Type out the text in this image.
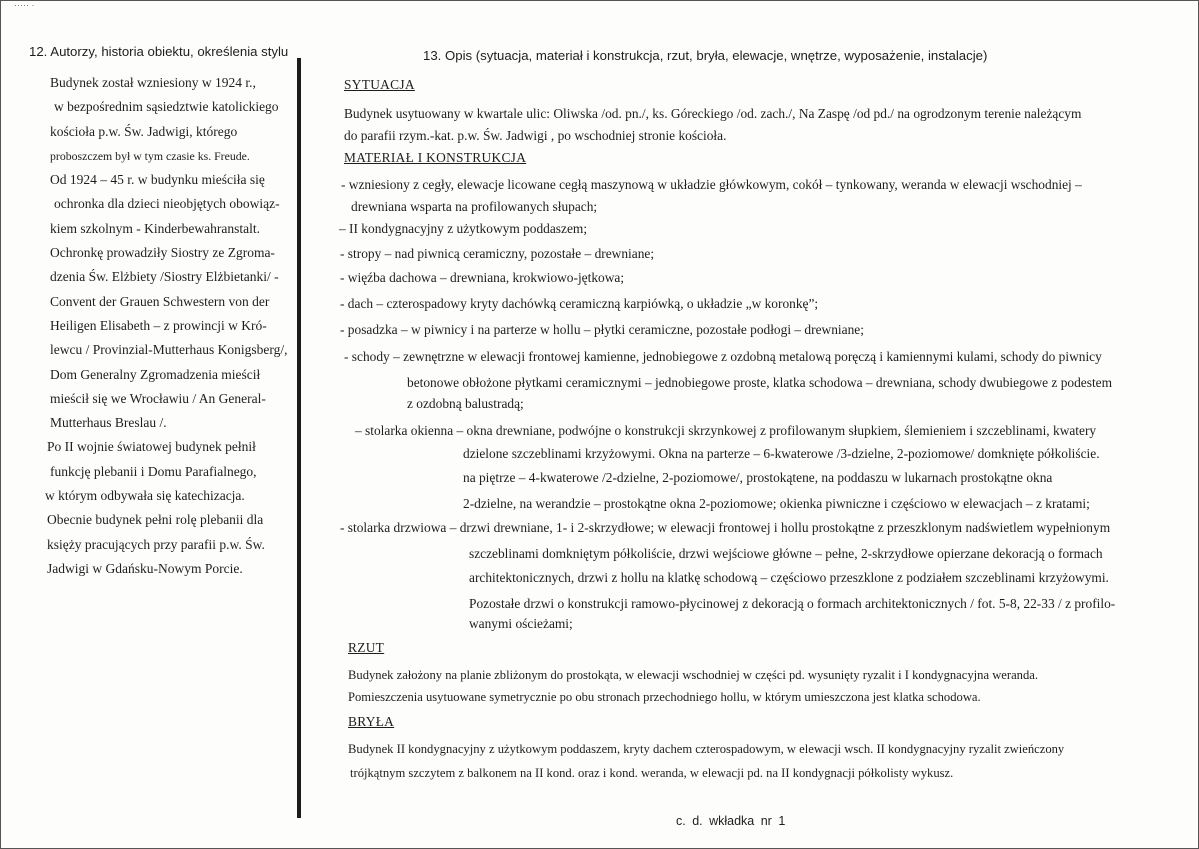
····· ·
12. Autorzy, historia obiektu, określenia stylu	13. Opis (sytuacja, materiał i konstrukcja, rzut, bryła, elewacje, wnętrze, wyposażenie, instalacje)
Budynek został wzniesiony w 1924 r.,
w bezpośrednim sąsiedztwie katolickiego
kościoła p.w. Św. Jadwigi, którego
proboszczem był w tym czasie ks. Freude.
Od 1924 – 45 r. w budynku mieściła się
ochronka dla dzieci nieobjętych obowiąz-
kiem szkolnym - Kinderbewahranstalt.
Ochronkę prowadziły Siostry ze Zgroma-
dzenia Św. Elżbiety /Siostry Elżbietanki/ -
Convent der Grauen Schwestern von der
Heiligen Elisabeth – z prowincji w Kró-
lewcu / Provinzial-Mutterhaus Konigsberg/,
Dom Generalny Zgromadzenia mieścił
mieścił się we Wrocławiu / An General-
Mutterhaus Breslau /.
Po II wojnie światowej budynek pełnił
funkcję plebanii i Domu Parafialnego,
w którym odbywała się katechizacja.
Obecnie budynek pełni rolę plebanii dla
księży pracujących przy parafii p.w. Św.
Jadwigi w Gdańsku-Nowym Porcie.
SYTUACJA
Budynek usytuowany w kwartale ulic: Oliwska /od. pn./, ks. Góreckiego /od. zach./, Na Zaspę /od pd./ na ogrodzonym terenie należącym
do parafii rzym.-kat. p.w. Św. Jadwigi , po wschodniej stronie kościoła.
MATERIAŁ I KONSTRUKCJA
- wzniesiony z cegły, elewacje licowane cegłą maszynową w układzie główkowym, cokół – tynkowany, weranda w elewacji wschodniej –
drewniana wsparta na profilowanych słupach;
– II kondygnacyjny z użytkowym poddaszem;
- stropy – nad piwnicą ceramiczny, pozostałe – drewniane;
- więźba dachowa – drewniana, krokwiowo-jętkowa;
- dach – czterospadowy kryty dachówką ceramiczną karpiówką, o układzie „w koronkę”;
- posadzka – w piwnicy i na parterze w hollu – płytki ceramiczne, pozostałe podłogi – drewniane;
- schody – zewnętrzne w elewacji frontowej kamienne, jednobiegowe z ozdobną metalową poręczą i kamiennymi kulami, schody do piwnicy
betonowe obłożone płytkami ceramicznymi – jednobiegowe proste, klatka schodowa – drewniana, schody dwubiegowe z podestem
z ozdobną balustradą;
– stolarka okienna – okna drewniane, podwójne o konstrukcji skrzynkowej z profilowanym słupkiem, ślemieniem i szczeblinami, kwatery
dzielone szczeblinami krzyżowymi. Okna na parterze – 6-kwaterowe /3-dzielne, 2-poziomowe/ domknięte półkoliście.
na piętrze – 4-kwaterowe /2-dzielne, 2-poziomowe/, prostokątene, na poddaszu w lukarnach prostokątne okna
2-dzielne, na werandzie – prostokątne okna 2-poziomowe; okienka piwniczne i częściowo w elewacjach – z kratami;
- stolarka drzwiowa – drzwi drewniane, 1- i 2-skrzydłowe; w elewacji frontowej i hollu prostokątne z przeszklonym nadświetlem wypełnionym
szczeblinami domkniętym półkoliście, drzwi wejściowe główne – pełne, 2-skrzydłowe opierzane dekoracją o formach
architektonicznych, drzwi z hollu na klatkę schodową – częściowo przeszklone z podziałem szczeblinami krzyżowymi.
Pozostałe drzwi o konstrukcji ramowo-płycinowej z dekoracją o formach architektonicznych / fot. 5-8, 22-33 / z profilo-
wanymi ościeżami;
RZUT
Budynek założony na planie zbliżonym do prostokąta, w elewacji wschodniej w części pd. wysunięty ryzalit i I kondygnacyjna weranda.
Pomieszczenia usytuowane symetrycznie po obu stronach przechodniego hollu, w którym umieszczona jest klatka schodowa.
BRYŁA
Budynek II kondygnacyjny z użytkowym poddaszem, kryty dachem czterospadowym, w elewacji wsch. II kondygnacyjny ryzalit zwieńczony
trójkątnym szczytem z balkonem na II kond. oraz i kond. weranda, w elewacji pd. na II kondygnacji półkolisty wykusz.
c. d. wkładka nr 1
